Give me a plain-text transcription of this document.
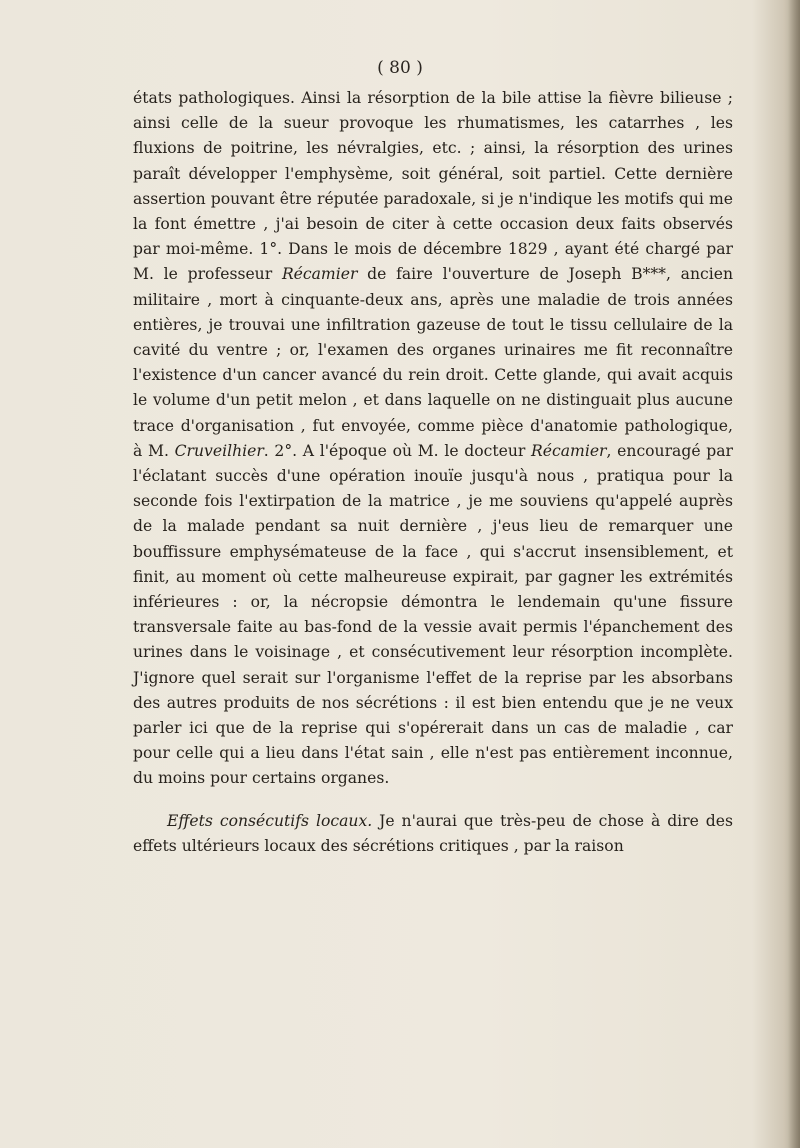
( 80 )

états pathologiques. Ainsi la résorption de la bile attise la fièvre bilieuse ; ainsi celle de la sueur provoque les rhumatismes, les catarrhes , les fluxions de poitrine, les névralgies, etc. ; ainsi, la résorption des urines paraît développer l'emphysème, soit général, soit partiel. Cette dernière assertion pouvant être réputée paradoxale, si je n'indique les motifs qui me la font émettre , j'ai besoin de citer à cette occasion deux faits observés par moi-même. 1°. Dans le mois de décembre 1829 , ayant été chargé par M. le professeur Récamier de faire l'ouverture de Joseph B***, ancien militaire , mort à cinquante-deux ans, après une maladie de trois années entières, je trouvai une infiltration gazeuse de tout le tissu cellulaire de la cavité du ventre ; or, l'examen des organes urinaires me fit reconnaître l'existence d'un cancer avancé du rein droit. Cette glande, qui avait acquis le volume d'un petit melon , et dans laquelle on ne distinguait plus aucune trace d'organisation , fut envoyée, comme pièce d'anatomie pathologique, à M. Cruveilhier. 2°. A l'époque où M. le docteur Récamier, encouragé par l'éclatant succès d'une opération inouïe jusqu'à nous , pratiqua pour la seconde fois l'extirpation de la matrice , je me souviens qu'appelé auprès de la malade pendant sa nuit dernière , j'eus lieu de remarquer une bouffissure emphysémateuse de la face , qui s'accrut insensiblement, et finit, au moment où cette malheureuse expirait, par gagner les extrémités inférieures : or, la nécropsie démontra le lendemain qu'une fissure transversale faite au bas-fond de la vessie avait permis l'épanchement des urines dans le voisinage , et consécutivement leur résorption incomplète. J'ignore quel serait sur l'organisme l'effet de la reprise par les absorbans des autres produits de nos sécrétions : il est bien entendu que je ne veux parler ici que de la reprise qui s'opérerait dans un cas de maladie , car pour celle qui a lieu dans l'état sain , elle n'est pas entièrement inconnue, du moins pour certains organes.

Effets consécutifs locaux. Je n'aurai que très-peu de chose à dire des effets ultérieurs locaux des sécrétions critiques , par la raison
